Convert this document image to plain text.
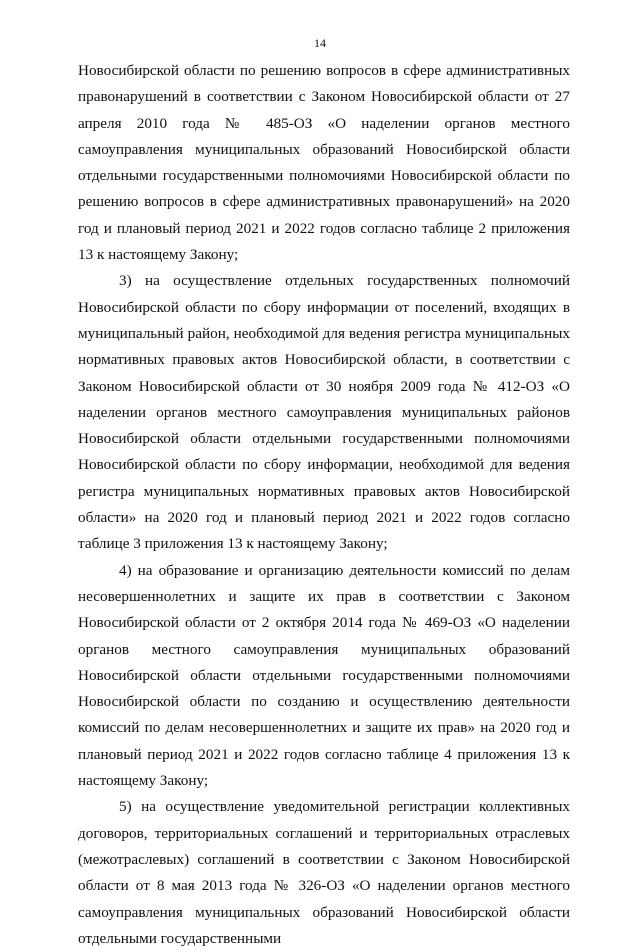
14

Новосибирской области по решению вопросов в сфере административных правонарушений в соответствии с Законом Новосибирской области от 27 апреля 2010 года № 485-ОЗ «О наделении органов местного самоуправления муниципальных образований Новосибирской области отдельными государственными полномочиями Новосибирской области по решению вопросов в сфере административных правонарушений» на 2020 год и плановый период 2021 и 2022 годов согласно таблице 2 приложения 13 к настоящему Закону;

3) на осуществление отдельных государственных полномочий Новосибирской области по сбору информации от поселений, входящих в муниципальный район, необходимой для ведения регистра муниципальных нормативных правовых актов Новосибирской области, в соответствии с Законом Новосибирской области от 30 ноября 2009 года № 412-ОЗ «О наделении органов местного самоуправления муниципальных районов Новосибирской области отдельными государственными полномочиями Новосибирской области по сбору информации, необходимой для ведения регистра муниципальных нормативных правовых актов Новосибирской области» на 2020 год и плановый период 2021 и 2022 годов согласно таблице 3 приложения 13 к настоящему Закону;

4) на образование и организацию деятельности комиссий по делам несовершеннолетних и защите их прав в соответствии с Законом Новосибирской области от 2 октября 2014 года № 469-ОЗ «О наделении органов местного самоуправления муниципальных образований Новосибирской области отдельными государственными полномочиями Новосибирской области по созданию и осуществлению деятельности комиссий по делам несовершеннолетних и защите их прав» на 2020 год и плановый период 2021 и 2022 годов согласно таблице 4 приложения 13 к настоящему Закону;

5) на осуществление уведомительной регистрации коллективных договоров, территориальных соглашений и территориальных отраслевых (межотраслевых) соглашений в соответствии с Законом Новосибирской области от 8 мая 2013 года № 326-ОЗ «О наделении органов местного самоуправления муниципальных образований Новосибирской области отдельными государственными
